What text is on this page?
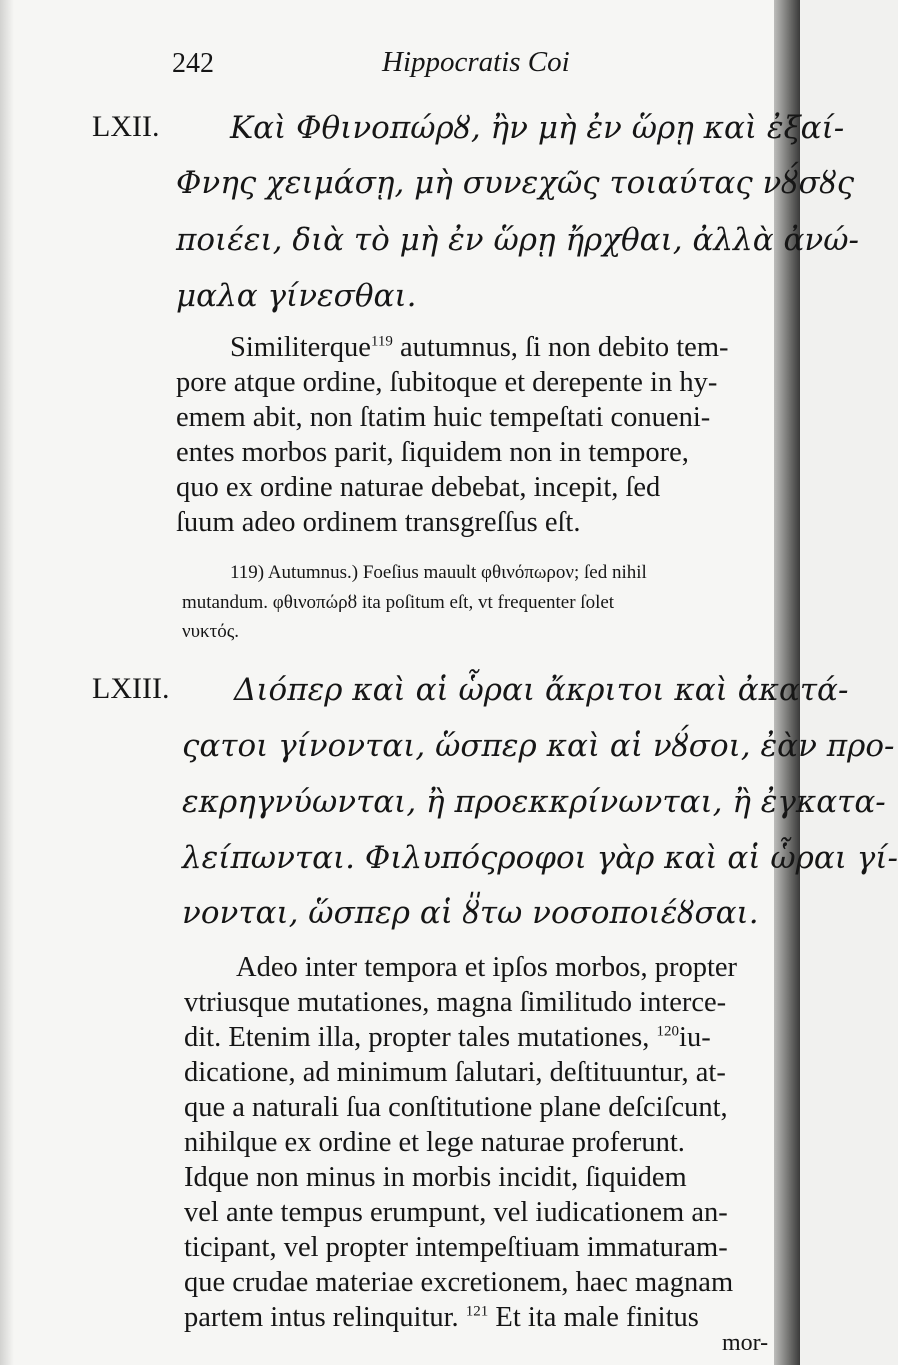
242	Hippocratis Coi
LXII. Καὶ Φθινοπώρȣ, ἢν μὴ ἐν ὥρῃ καὶ ἐξαί-
Φνης χειμάσῃ, μὴ συνεχῶς τοιαύτας νȣ́σȣς
ποιέει, διὰ τὸ μὴ ἐν ὥρῃ ἤρχθαι, ἀλλὰ ἀνώ-
μαλα γίνεσθαι.
Similiterque$^{119}$ autumnus, ſi non debito tem-
pore atque ordine, ſubitoque et derepente in hy-
emem abit, non ſtatim huic tempeſtati conueni-
entes morbos parit, ſiquidem non in tempore,
quo ex ordine naturae debebat, incepit, ſed
ſuum adeo ordinem transgreſſus eſt.
119) Autumnus.) Foeſius mauult φθινόπωρον; ſed nihil
mutandum. φθινοπώρȣ ita poſitum eſt, vt frequenter ſolet
νυκτός.
LXIII. Διόπερ καὶ αἱ ὧραι ἄκριτοι καὶ ἀκατά-
ςατοι γίνονται, ὥσπερ καὶ αἱ νȣ́σοι, ἐὰν προ-
εκρηγνύωνται, ἢ προεκκρίνωνται, ἢ ἐγκατα-
λείπωνται. Φιλυπόςροφοι γὰρ καὶ αἱ ὧραι γί-
νονται, ὥσπερ αἱ ȣ̎τω νοσοποιέȣσαι.
Adeo inter tempora et ipſos morbos, propter
vtriusque mutationes, magna ſimilitudo interce-
dit. Etenim illa, propter tales mutationes, $^{120}$iu-
dicatione, ad minimum ſalutari, deſtituuntur, at-
que a naturali ſua conſtitutione plane deſciſcunt,
nihilque ex ordine et lege naturae proferunt.
Idque non minus in morbis incidit, ſiquidem
vel ante tempus erumpunt, vel iudicationem an-
ticipant, vel propter intempeſtiuam immaturam-
que crudae materiae excretionem, haec magnam
partem intus relinquitur. $^{121}$ Et ita male finitus
mor-
